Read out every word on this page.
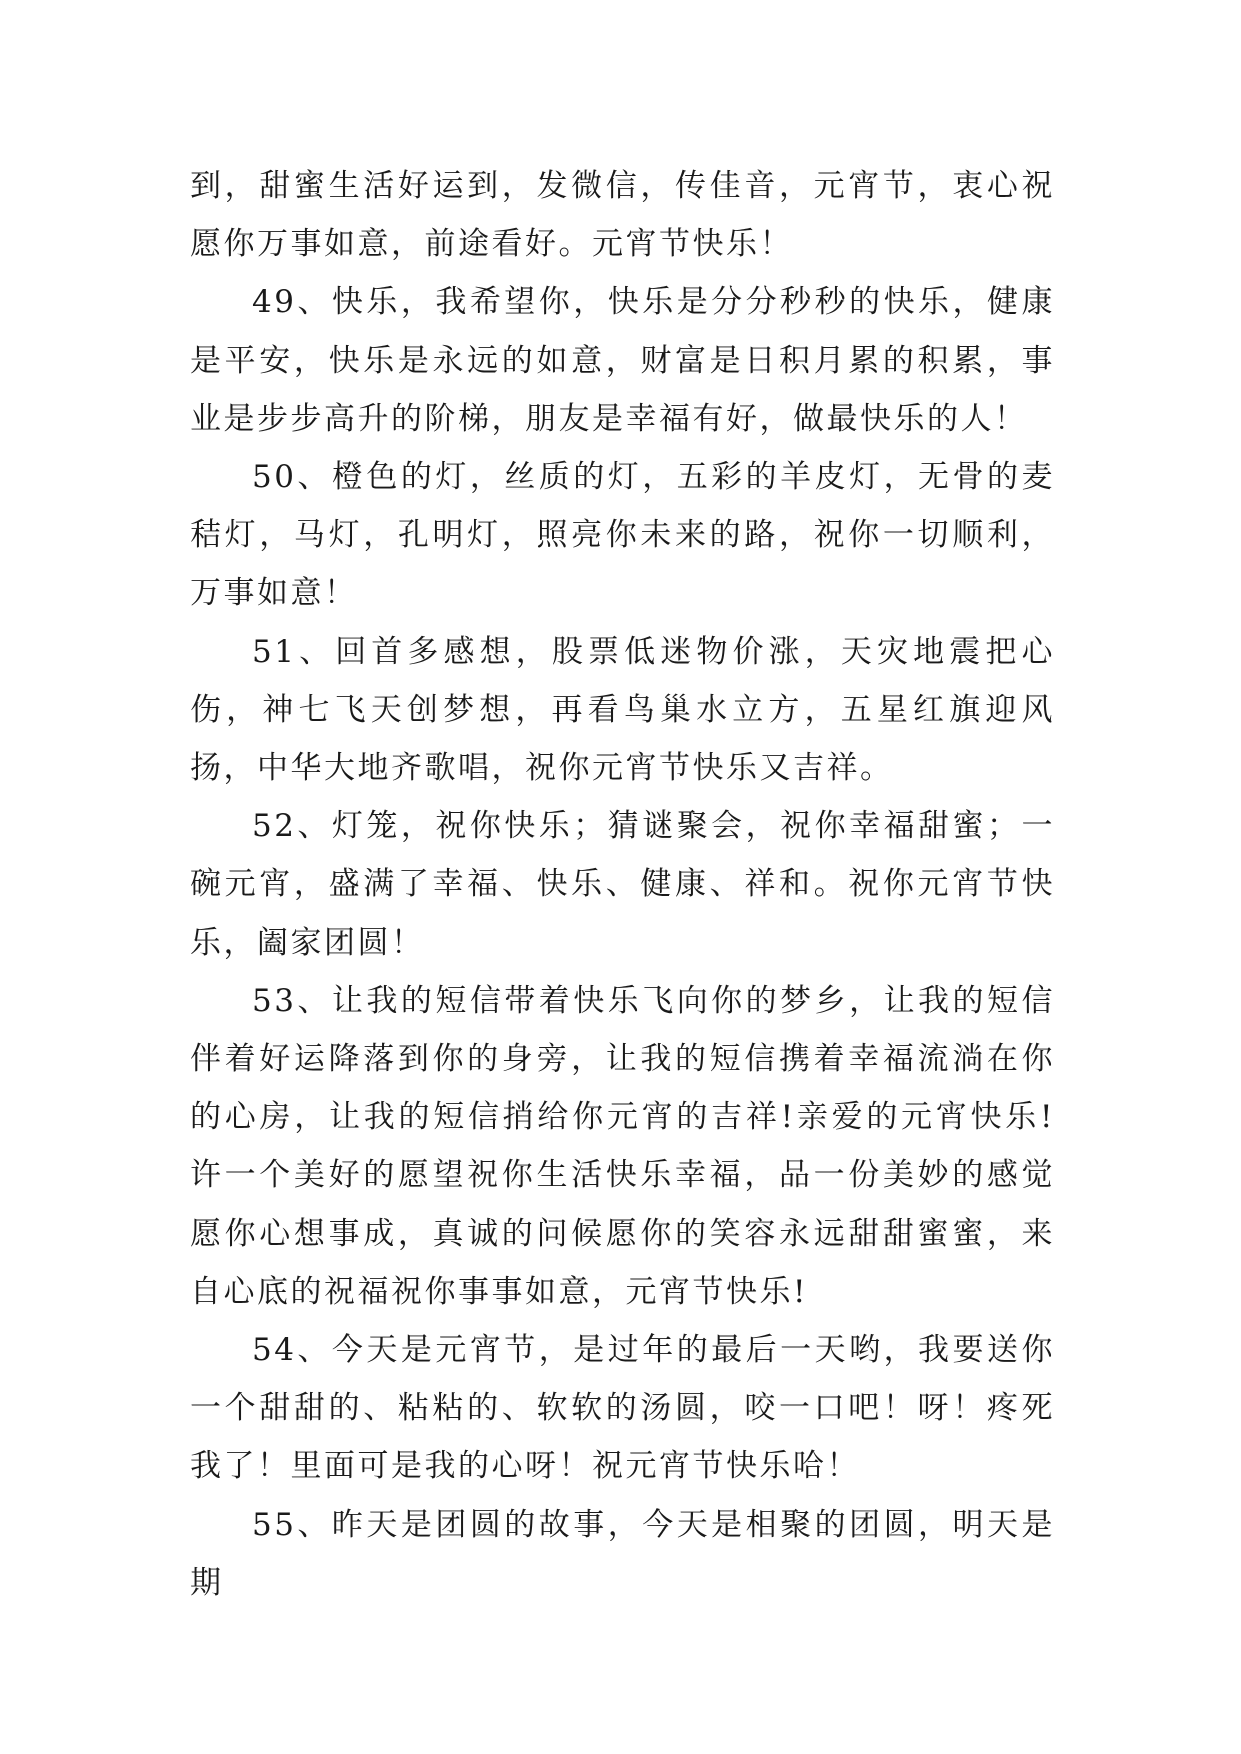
到，甜蜜生活好运到，发微信，传佳音，元宵节，衷心祝愿你万事如意，前途看好。元宵节快乐！

49、快乐，我希望你，快乐是分分秒秒的快乐，健康是平安，快乐是永远的如意，财富是日积月累的积累，事业是步步高升的阶梯，朋友是幸福有好，做最快乐的人！

50、橙色的灯，丝质的灯，五彩的羊皮灯，无骨的麦秸灯，马灯，孔明灯，照亮你未来的路，祝你一切顺利，万事如意！

51、回首多感想，股票低迷物价涨，天灾地震把心伤，神七飞天创梦想，再看鸟巢水立方，五星红旗迎风扬，中华大地齐歌唱，祝你元宵节快乐又吉祥。

52、灯笼，祝你快乐；猜谜聚会，祝你幸福甜蜜；一碗元宵，盛满了幸福、快乐、健康、祥和。祝你元宵节快乐，阖家团圆！

53、让我的短信带着快乐飞向你的梦乡，让我的短信伴着好运降落到你的身旁，让我的短信携着幸福流淌在你的心房，让我的短信捎给你元宵的吉祥!亲爱的元宵快乐!许一个美好的愿望祝你生活快乐幸福，品一份美妙的感觉愿你心想事成，真诚的问候愿你的笑容永远甜甜蜜蜜，来自心底的祝福祝你事事如意，元宵节快乐!

54、今天是元宵节，是过年的最后一天哟，我要送你一个甜甜的、粘粘的、软软的汤圆，咬一口吧！呀！疼死我了！里面可是我的心呀！祝元宵节快乐哈！

55、昨天是团圆的故事，今天是相聚的团圆，明天是期
